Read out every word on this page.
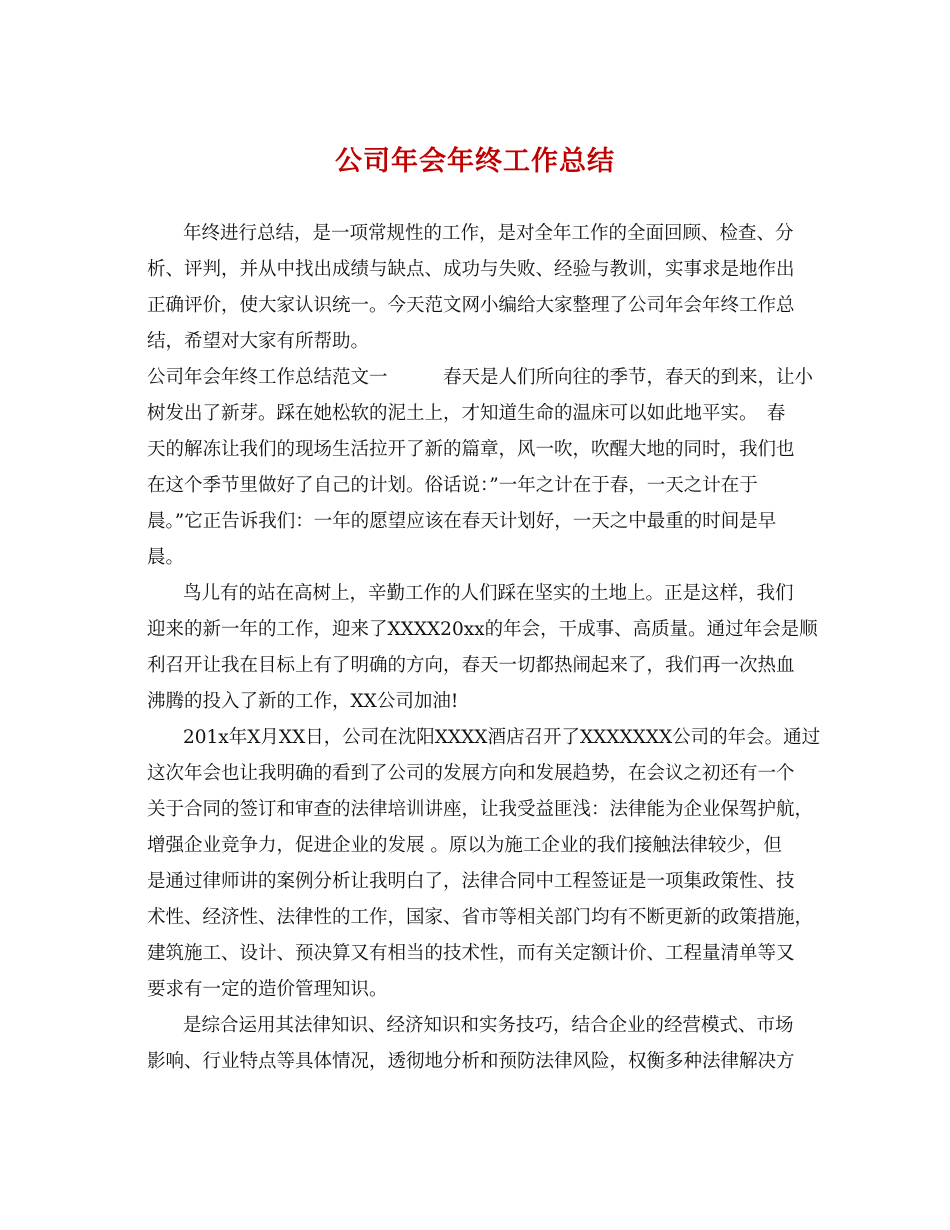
公司年会年终工作总结
年终进行总结，是一项常规性的工作，是对全年工作的全面回顾、检查、分
析、评判，并从中找出成绩与缺点、成功与失败、经验与教训，实事求是地作出
正确评价，使大家认识统一。今天范文网小编给大家整理了公司年会年终工作总
结，希望对大家有所帮助。
公司年会年终工作总结范文一　　　春天是人们所向往的季节，春天的到来，让小
树发出了新芽。踩在她松软的泥土上，才知道生命的温床可以如此地平实。　春
天的解冻让我们的现场生活拉开了新的篇章，风一吹，吹醒大地的同时，我们也
在这个季节里做好了自己的计划。俗话说：”一年之计在于春，一天之计在于
晨。”它正告诉我们：一年的愿望应该在春天计划好，一天之中最重的时间是早
晨。
鸟儿有的站在高树上，辛勤工作的人们踩在坚实的土地上。正是这样，我们
迎来的新一年的工作，迎来了XXXX20xx的年会，干成事、高质量。通过年会是顺
利召开让我在目标上有了明确的方向，春天一切都热闹起来了，我们再一次热血
沸腾的投入了新的工作，XX公司加油!
201x年X月XX日，公司在沈阳XXXX酒店召开了XXXXXXX公司的年会。通过
这次年会也让我明确的看到了公司的发展方向和发展趋势，在会议之初还有一个
关于合同的签订和审查的法律培训讲座，让我受益匪浅：法律能为企业保驾护航，
增强企业竞争力，促进企业的发展 。原以为施工企业的我们接触法律较少，但
是通过律师讲的案例分析让我明白了，法律合同中工程签证是一项集政策性、技
术性、经济性、法律性的工作，国家、省市等相关部门均有不断更新的政策措施，
建筑施工、设计、预决算又有相当的技术性，而有关定额计价、工程量清单等又
要求有一定的造价管理知识。
是综合运用其法律知识、经济知识和实务技巧，结合企业的经营模式、市场
影响、行业特点等具体情况，透彻地分析和预防法律风险，权衡多种法律解决方
